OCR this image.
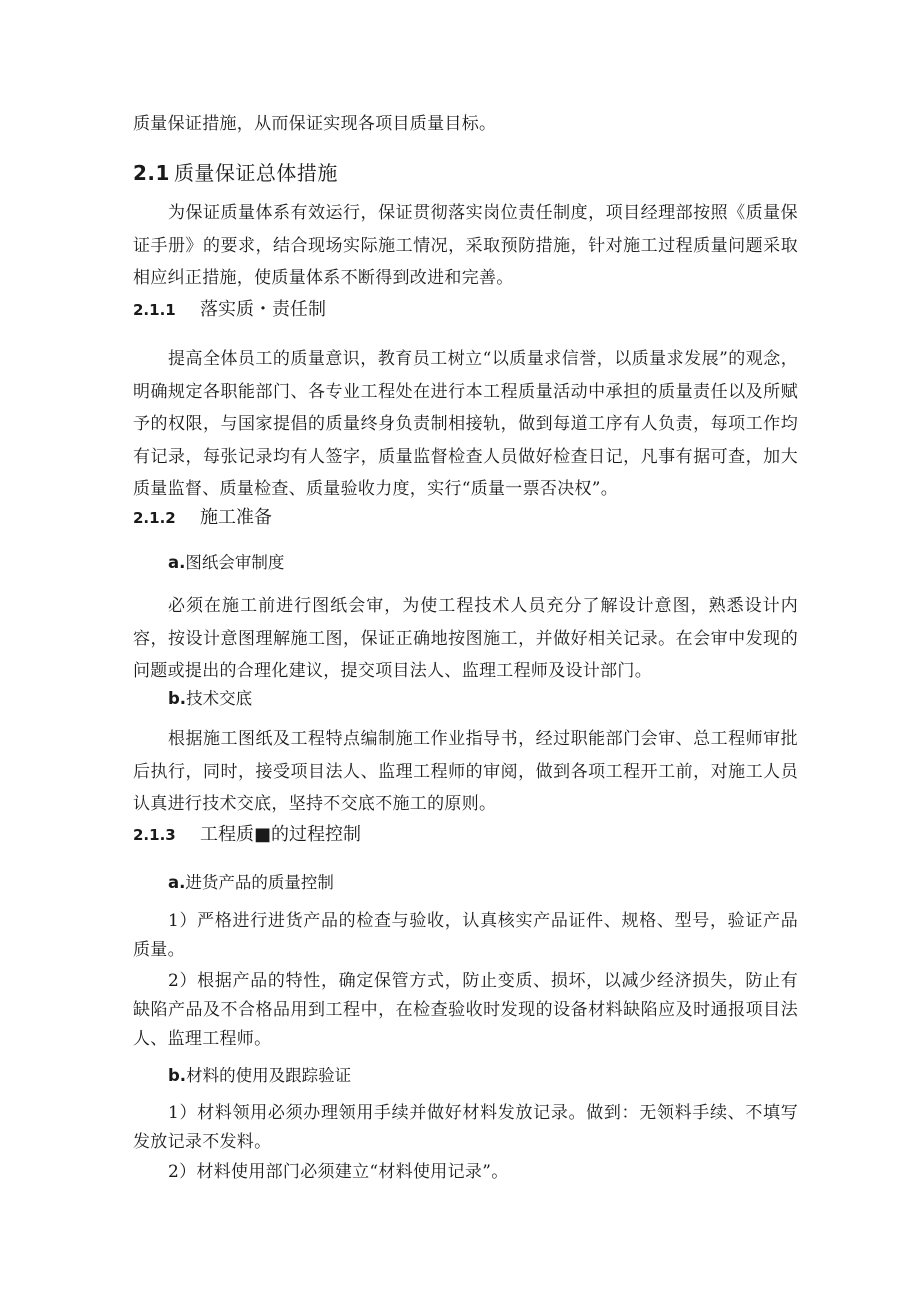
质量保证措施，从而保证实现各项目质量目标。

2.1 质量保证总体措施

为保证质量体系有效运行，保证贯彻落实岗位责任制度，项目经理部按照《质量保证手册》的要求，结合现场实际施工情况，采取预防措施，针对施工过程质量问题采取相应纠正措施，使质量体系不断得到改进和完善。

2.1.1 落实质・责任制

提高全体员工的质量意识，教育员工树立“以质量求信誉，以质量求发展”的观念，明确规定各职能部门、各专业工程处在进行本工程质量活动中承担的质量责任以及所赋予的权限，与国家提倡的质量终身负责制相接轨，做到每道工序有人负责，每项工作均有记录，每张记录均有人签字，质量监督检查人员做好检查日记，凡事有据可查，加大质量监督、质量检查、质量验收力度，实行“质量一票否决权”。

2.1.2 施工准备
a.图纸会审制度

必须在施工前进行图纸会审，为使工程技术人员充分了解设计意图，熟悉设计内容，按设计意图理解施工图，保证正确地按图施工，并做好相关记录。在会审中发现的问题或提出的合理化建议，提交项目法人、监理工程师及设计部门。

b.技术交底

根据施工图纸及工程特点编制施工作业指导书，经过职能部门会审、总工程师审批后执行，同时，接受项目法人、监理工程师的审阅，做到各项工程开工前，对施工人员认真进行技术交底，坚持不交底不施工的原则。

2.1.3 工程质■的过程控制
a.进货产品的质量控制

1）严格进行进货产品的检查与验收，认真核实产品证件、规格、型号，验证产品质量。

2）根据产品的特性，确定保管方式，防止变质、损坏，以减少经济损失，防止有缺陷产品及不合格品用到工程中，在检查验收时发现的设备材料缺陷应及时通报项目法人、监理工程师。

b.材料的使用及跟踪验证

1）材料领用必须办理领用手续并做好材料发放记录。做到：无领料手续、不填写发放记录不发料。

2）材料使用部门必须建立“材料使用记录”。
